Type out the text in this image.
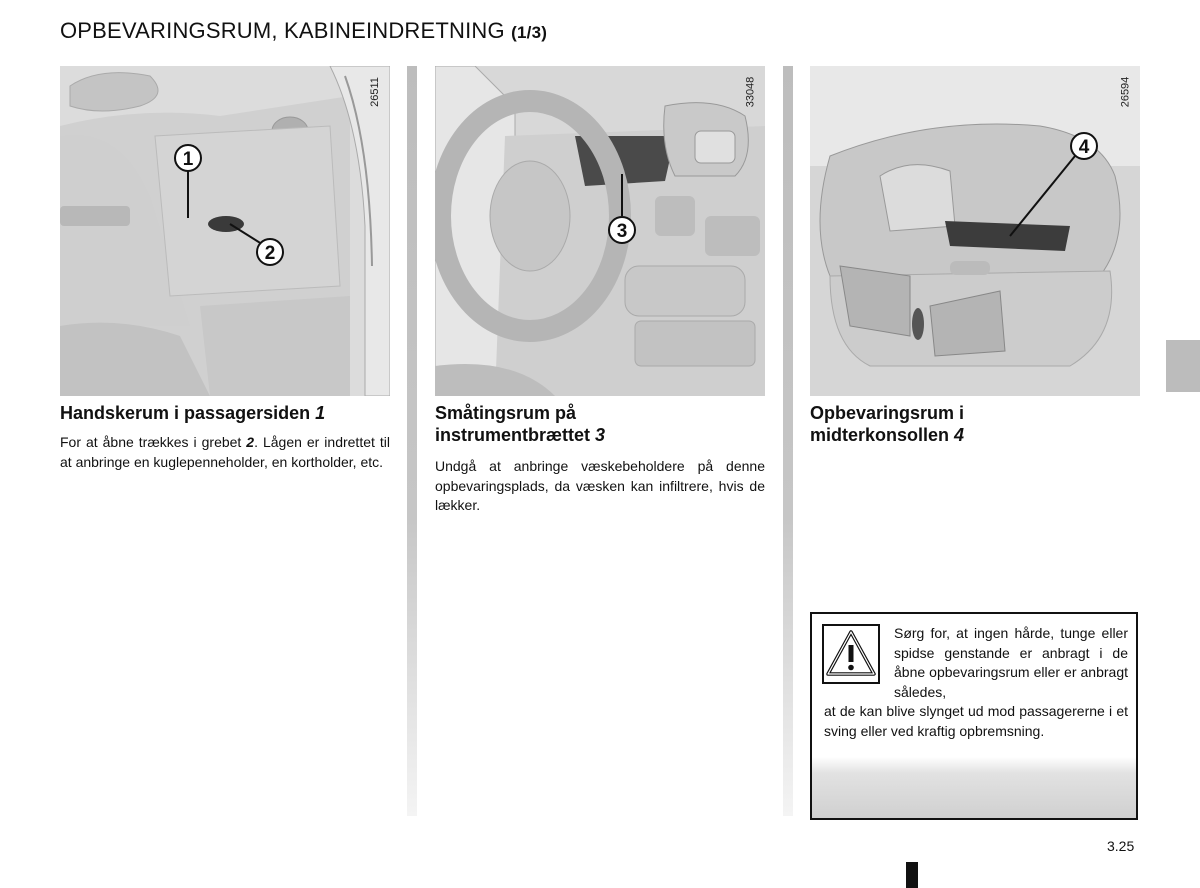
OPBEVARINGSRUM, KABINEINDRETNING (1/3)
1
2
26511
3
33048
4
26594
Handskerum i passagersiden 1
For at åbne trækkes i grebet 2. Lågen er indrettet til at anbringe en kuglepenneholder, en kortholder, etc.
Småtingsrum på
instrumentbrættet 3
Undgå at anbringe væskebeholdere på denne opbevaringsplads, da væsken kan infiltrere, hvis de lækker.
Opbevaringsrum i
midterkonsollen 4
Sørg for, at ingen hårde, tunge eller spidse genstande er anbragt i de åbne opbevaringsrum eller er anbragt således,
at de kan blive slynget ud mod passagererne i et sving eller ved kraftig opbremsning.
3.25
